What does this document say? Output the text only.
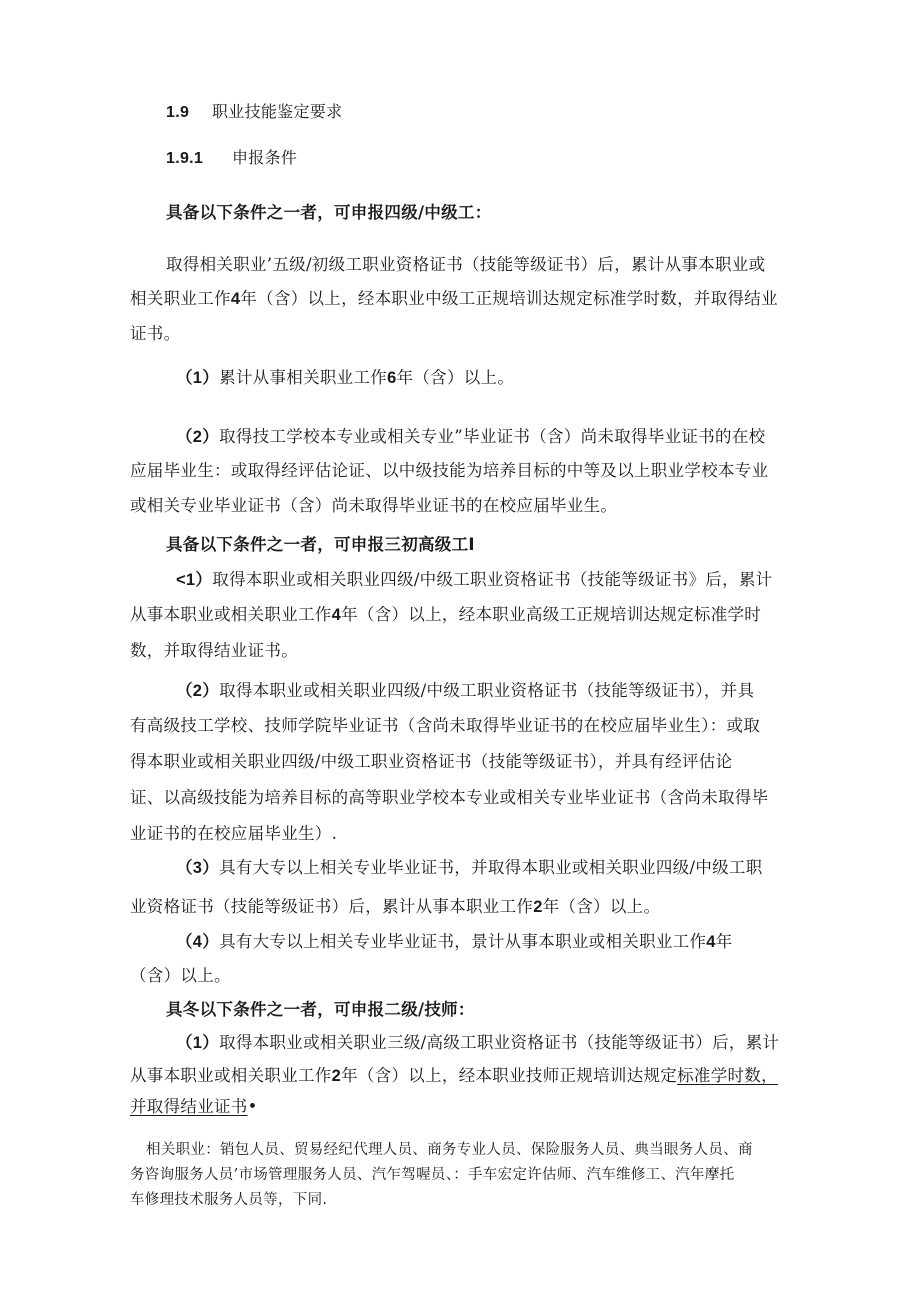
1.9 职业技能鉴定要求
1.9.1 申报条件
具备以下条件之一者，可申报四级/中级工：
取得相关职业’五级/初级工职业资格证书（技能等级证书）后，累计从事本职业或
相关职业工作4年（含）以上，经本职业中级工正规培训达规定标准学时数，并取得结业
证书。
（1）累计从事相关职业工作6年（含）以上。
（2）取得技工学校本专业或相关专业”毕业证书（含）尚未取得毕业证书的在校
应届毕业生：或取得经评估论证、以中级技能为培养目标的中等及以上职业学校本专业
或相关专业毕业证书（含）尚未取得毕业证书的在校应届毕业生。
具备以下条件之一者，可申报三初高级工I
<1）取得本职业或相关职业四级/中级工职业资格证书（技能等级证书》后，累计
从事本职业或相关职业工作4年（含）以上，经本职业高级工正规培训达规定标准学时
数，并取得结业证书。
（2）取得本职业或相关职业四级/中级工职业资格证书（技能等级证书），并具
有高级技工学校、技师学院毕业证书（含尚未取得毕业证书的在校应届毕业生）：或取
得本职业或相关职业四级/中级工职业资格证书（技能等级证书），并具有经评估论
证、以高级技能为培养目标的高等职业学校本专业或相关专业毕业证书（含尚未取得毕
业证书的在校应届毕业生）.
（3）具有大专以上相关专业毕业证书，并取得本职业或相关职业四级/中级工职
业资格证书（技能等级证书）后，累计从事本职业工作2年（含）以上。
（4）具有大专以上相关专业毕业证书，景计从事本职业或相关职业工作4年
（含）以上。
具冬以下条件之一者，可申报二级/技师：
（1）取得本职业或相关职业三级/高级工职业资格证书（技能等级证书）后，累计
从事本职业或相关职业工作2年（含）以上，经本职业技师正规培训达规定标准学时数，
并取得结业证书•
相关职业：销包人员、贸易经纪代理人员、商务专业人员、保险服务人员、典当眼务人员、商
务咨询服务人员’市场管理服务人员、汽乍驾喔员、：手车宏定许估师、汽车维修工、汽年摩托
车修理技术服务人员等，下同.
